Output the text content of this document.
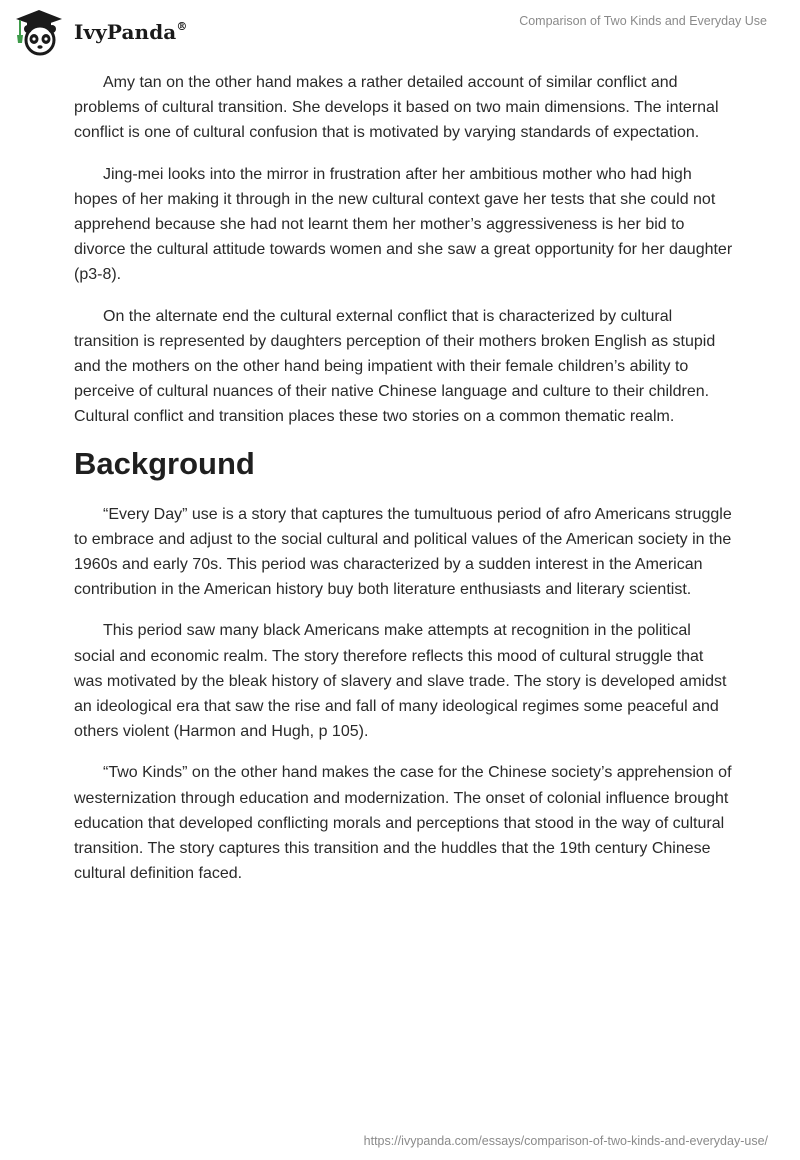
IvyPanda®	Comparison of Two Kinds and Everyday Use

Amy tan on the other hand makes a rather detailed account of similar conflict and problems of cultural transition. She develops it based on two main dimensions. The internal conflict is one of cultural confusion that is motivated by varying standards of expectation.

Jing-mei looks into the mirror in frustration after her ambitious mother who had high hopes of her making it through in the new cultural context gave her tests that she could not apprehend because she had not learnt them her mother’s aggressiveness is her bid to divorce the cultural attitude towards women and she saw a great opportunity for her daughter (p3-8).

On the alternate end the cultural external conflict that is characterized by cultural transition is represented by daughters perception of their mothers broken English as stupid and the mothers on the other hand being impatient with their female children’s ability to perceive of cultural nuances of their native Chinese language and culture to their children. Cultural conflict and transition places these two stories on a common thematic realm.

Background

“Every Day” use is a story that captures the tumultuous period of afro Americans struggle to embrace and adjust to the social cultural and political values of the American society in the 1960s and early 70s. This period was characterized by a sudden interest in the American contribution in the American history buy both literature enthusiasts and literary scientist.

This period saw many black Americans make attempts at recognition in the political social and economic realm. The story therefore reflects this mood of cultural struggle that was motivated by the bleak history of slavery and slave trade. The story is developed amidst an ideological era that saw the rise and fall of many ideological regimes some peaceful and others violent (Harmon and Hugh, p 105).

“Two Kinds” on the other hand makes the case for the Chinese society’s apprehension of westernization through education and modernization. The onset of colonial influence brought education that developed conflicting morals and perceptions that stood in the way of cultural transition. The story captures this transition and the huddles that the 19th century Chinese cultural definition faced.

https://ivypanda.com/essays/comparison-of-two-kinds-and-everyday-use/
